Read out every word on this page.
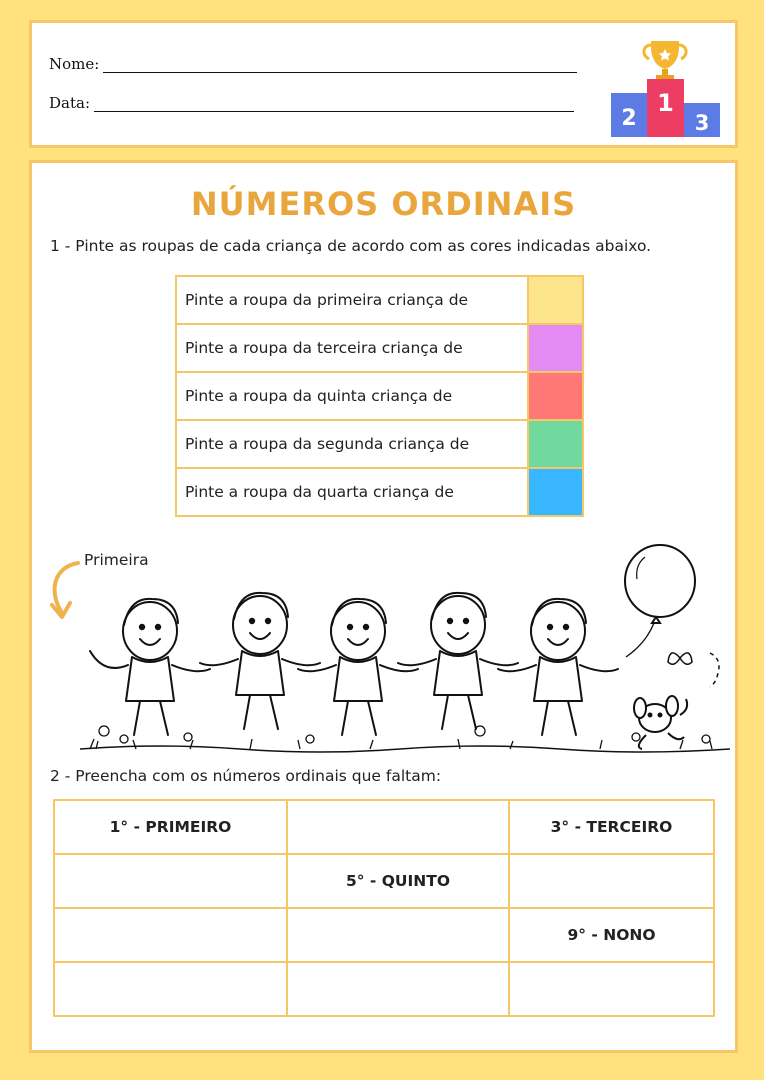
Nome:
Data:
2
1
3
NÚMEROS ORDINAIS
1 - Pinte as roupas de cada criança de acordo com as cores indicadas abaixo.
Pinte a roupa da primeira criança de	
Pinte a roupa da terceira criança de	
Pinte a roupa da quinta criança de	
Pinte a roupa da segunda criança de	
Pinte a roupa da quarta criança de	
Primeira
2 - Preencha com os números ordinais que faltam:
1° - PRIMEIRO		3° - TERCEIRO
	5° - QUINTO	
		9° - NONO
